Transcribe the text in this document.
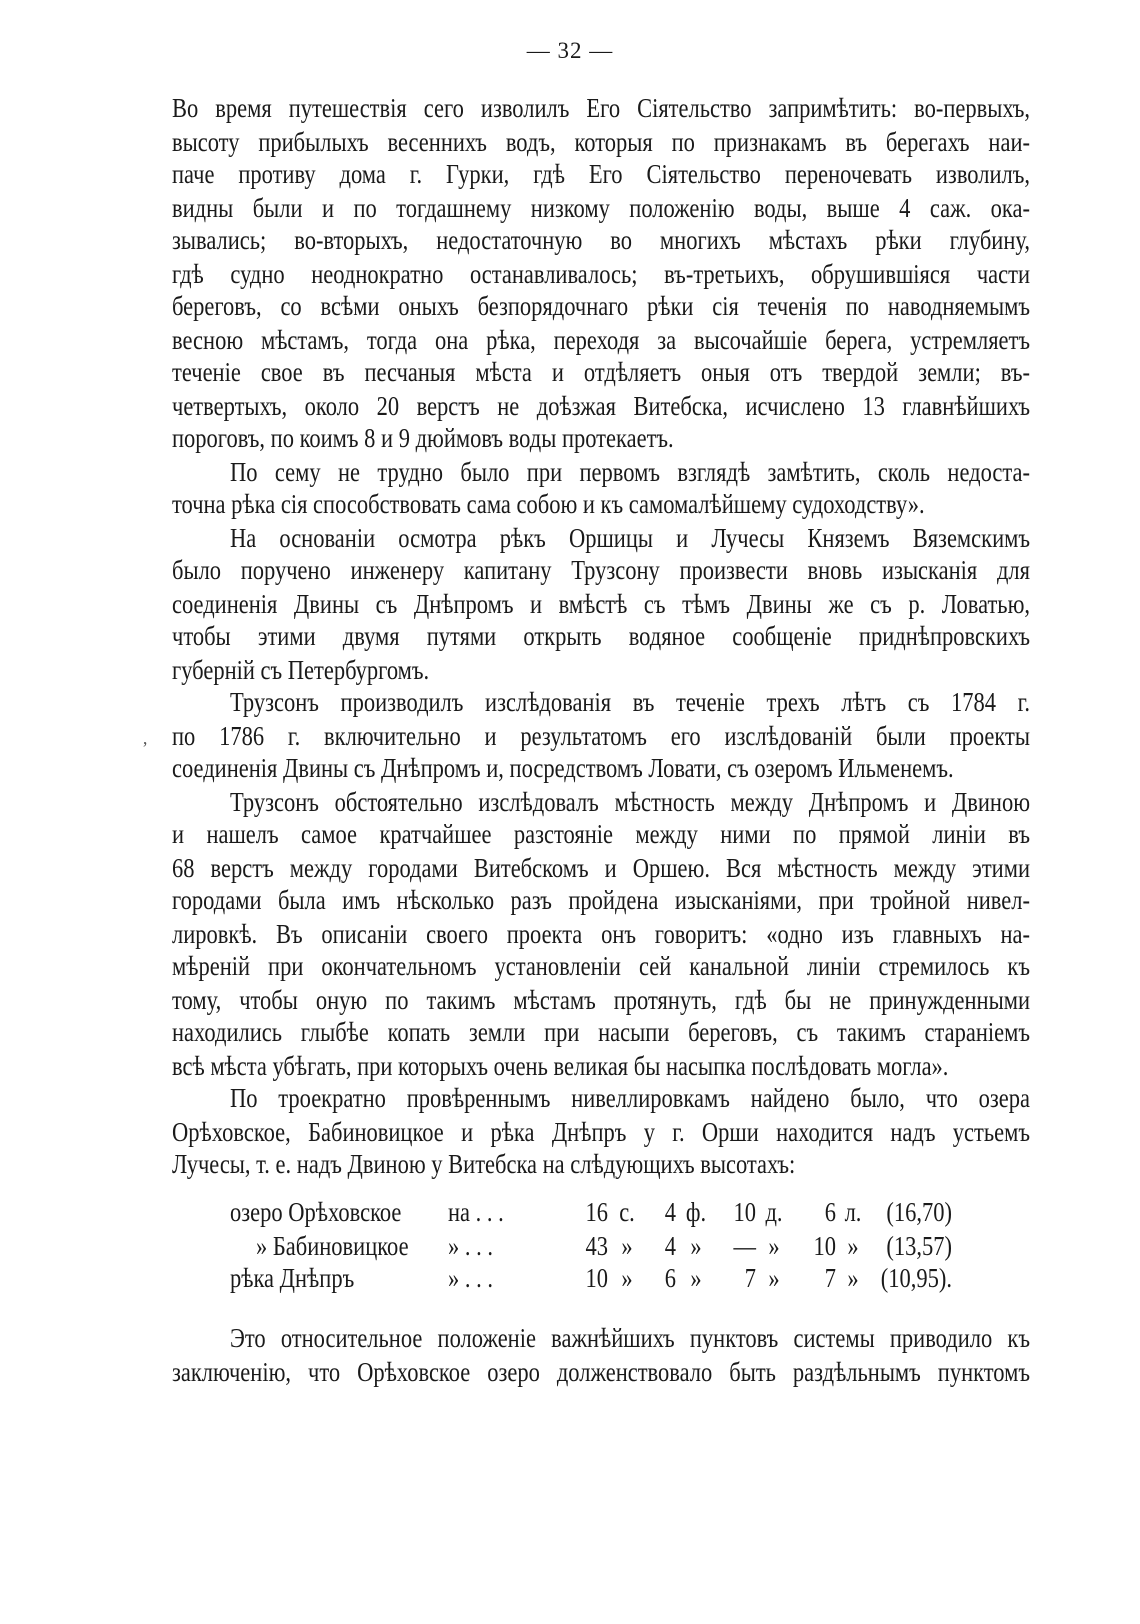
— 32 —
’
Во время путешествія сего изволилъ Его Сіятельство запримѣтить: во-первыхъ,
высоту прибылыхъ весеннихъ водъ, которыя по признакамъ въ берегахъ наи-
паче противу дома г. Гурки, гдѣ Его Сіятельство переночевать изволилъ,
видны были и по тогдашнему низкому положенію воды, выше 4 саж. ока-
зывались; во-вторыхъ, недостаточную во многихъ мѣстахъ рѣки глубину,
гдѣ судно неоднократно останавливалось; въ-третьихъ, обрушившіяся части
береговъ, со всѣми оныхъ безпорядочнаго рѣки сія теченія по наводняемымъ
весною мѣстамъ, тогда она рѣка, переходя за высочайшіе берега, устремляетъ
теченіе свое въ песчаныя мѣста и отдѣляетъ оныя отъ твердой земли; въ-
четвертыхъ, около 20 верстъ не доѣзжая Витебска, исчислено 13 главнѣйшихъ
пороговъ, по коимъ 8 и 9 дюймовъ воды протекаетъ.
По сему не трудно было при первомъ взглядѣ замѣтить, сколь недоста-
точна рѣка сія способствовать сама собою и къ самомалѣйшему судоходству».
На основаніи осмотра рѣкъ Оршицы и Лучесы Княземъ Вяземскимъ
было поручено инженеру капитану Трузсону произвести вновь изысканія для
соединенія Двины съ Днѣпромъ и вмѣстѣ съ тѣмъ Двины же съ р. Ловатью,
чтобы этими двумя путями открыть водяное сообщеніе приднѣпровскихъ
губерній съ Петербургомъ.
Трузсонъ производилъ изслѣдованія въ теченіе трехъ лѣтъ съ 1784 г.
по 1786 г. включительно и результатомъ его изслѣдованій были проекты
соединенія Двины съ Днѣпромъ и, посредствомъ Ловати, съ озеромъ Ильменемъ.
Трузсонъ обстоятельно изслѣдовалъ мѣстность между Днѣпромъ и Двиною
и нашелъ самое кратчайшее разстояніе между ними по прямой линіи въ
68 верстъ между городами Витебскомъ и Оршею. Вся мѣстность между этими
городами была имъ нѣсколько разъ пройдена изысканіями, при тройной нивел-
лировкѣ. Въ описаніи своего проекта онъ говоритъ: «одно изъ главныхъ на-
мѣреній при окончательномъ установленіи сей канальной линіи стремилось къ
тому, чтобы оную по такимъ мѣстамъ протянуть, гдѣ бы не принужденными
находились глыбѣе копать земли при насыпи береговъ, съ такимъ стараніемъ
всѣ мѣста убѣгать, при которыхъ очень великая бы насыпка послѣдовать могла».
По троекратно провѣреннымъ нивеллировкамъ найдено было, что озера
Орѣховское, Бабиновицкое и рѣка Днѣпръ у г. Орши находится надъ устьемъ
Лучесы, т. е. надъ Двиною у Витебска на слѣдующихъ высотахъ:
озеро Орѣховское	на . . .	16	с.	4	ф.	10	д.	6	л.	(16,70)
» Бабиновицкое	» . . .	43	»	4	»	—	»	10	»	(13,57)
рѣка Днѣпръ	» . . .	10	»	6	»	7	»	7	»	(10,95).
Это относительное положеніе важнѣйшихъ пунктовъ системы приводило къ
заключенію, что Орѣховское озеро долженствовало быть раздѣльнымъ пунктомъ
